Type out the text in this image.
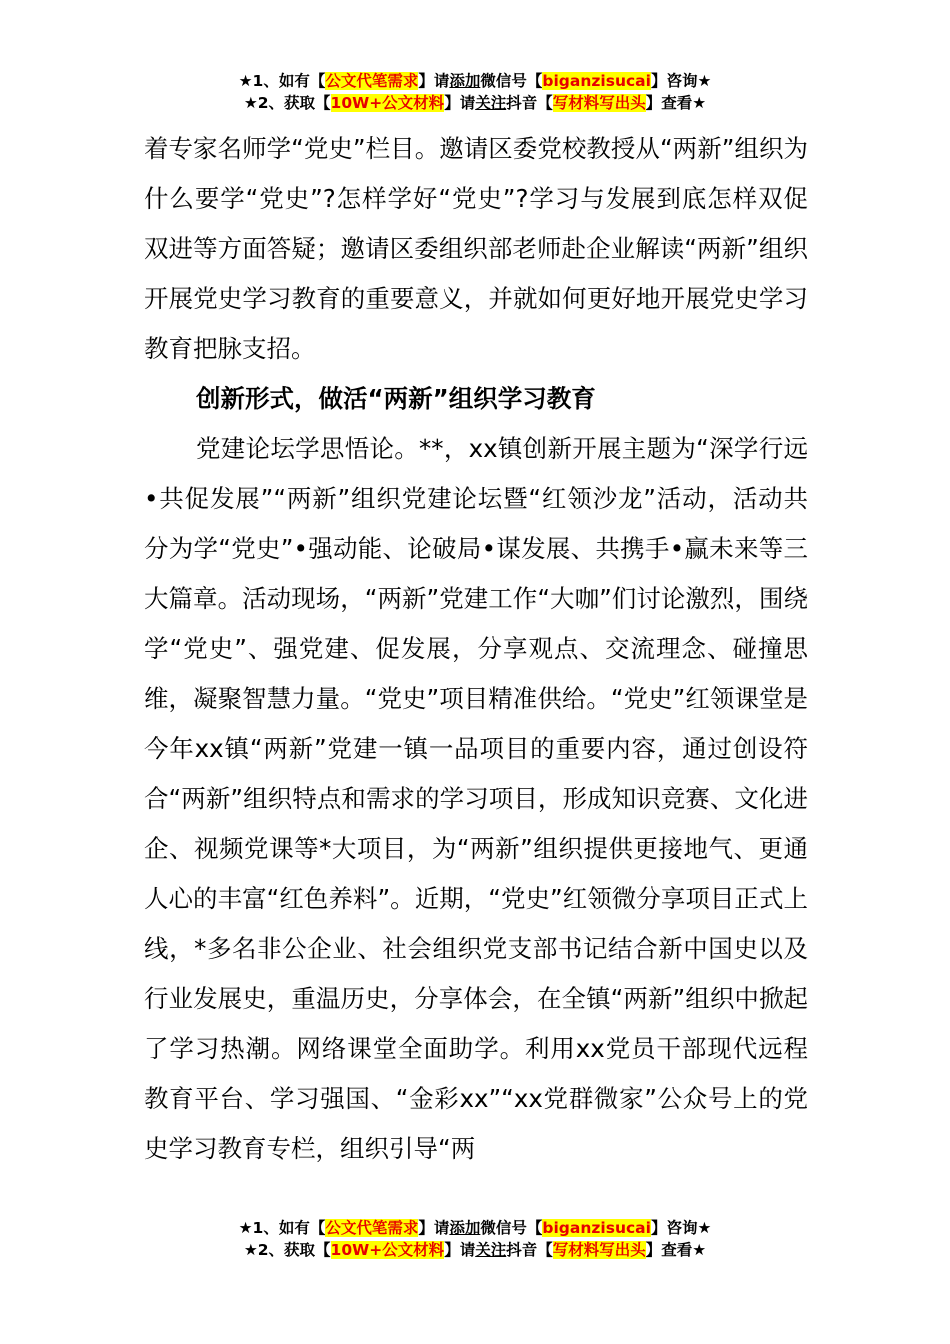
★1、如有【公文代笔需求】请添加微信号【biganzisucai】咨询★
★2、获取【10W+公文材料】请关注抖音【写材料写出头】查看★

着专家名师学“党史”栏目。邀请区委党校教授从“两新”组织为什么要学“党史”?怎样学好“党史”?学习与发展到底怎样双促双进等方面答疑；邀请区委组织部老师赴企业解读“两新”组织开展党史学习教育的重要意义，并就如何更好地开展党史学习教育把脉支招。

创新形式，做活“两新”组织学习教育

党建论坛学思悟论。**，xx镇创新开展主题为“深学行远•共促发展”“两新”组织党建论坛暨“红领沙龙”活动，活动共分为学“党史”•强动能、论破局•谋发展、共携手•赢未来等三大篇章。活动现场，“两新”党建工作“大咖”们讨论激烈，围绕学“党史”、强党建、促发展，分享观点、交流理念、碰撞思维，凝聚智慧力量。“党史”项目精准供给。“党史”红领课堂是今年xx镇“两新”党建一镇一品项目的重要内容，通过创设符合“两新”组织特点和需求的学习项目，形成知识竞赛、文化进企、视频党课等*大项目，为“两新”组织提供更接地气、更通人心的丰富“红色养料”。近期，“党史”红领微分享项目正式上线，*多名非公企业、社会组织党支部书记结合新中国史以及行业发展史，重温历史，分享体会，在全镇“两新”组织中掀起了学习热潮。网络课堂全面助学。利用xx党员干部现代远程教育平台、学习强国、“金彩xx”“xx党群微家”公众号上的党史学习教育专栏，组织引导“两

★1、如有【公文代笔需求】请添加微信号【biganzisucai】咨询★
★2、获取【10W+公文材料】请关注抖音【写材料写出头】查看★
